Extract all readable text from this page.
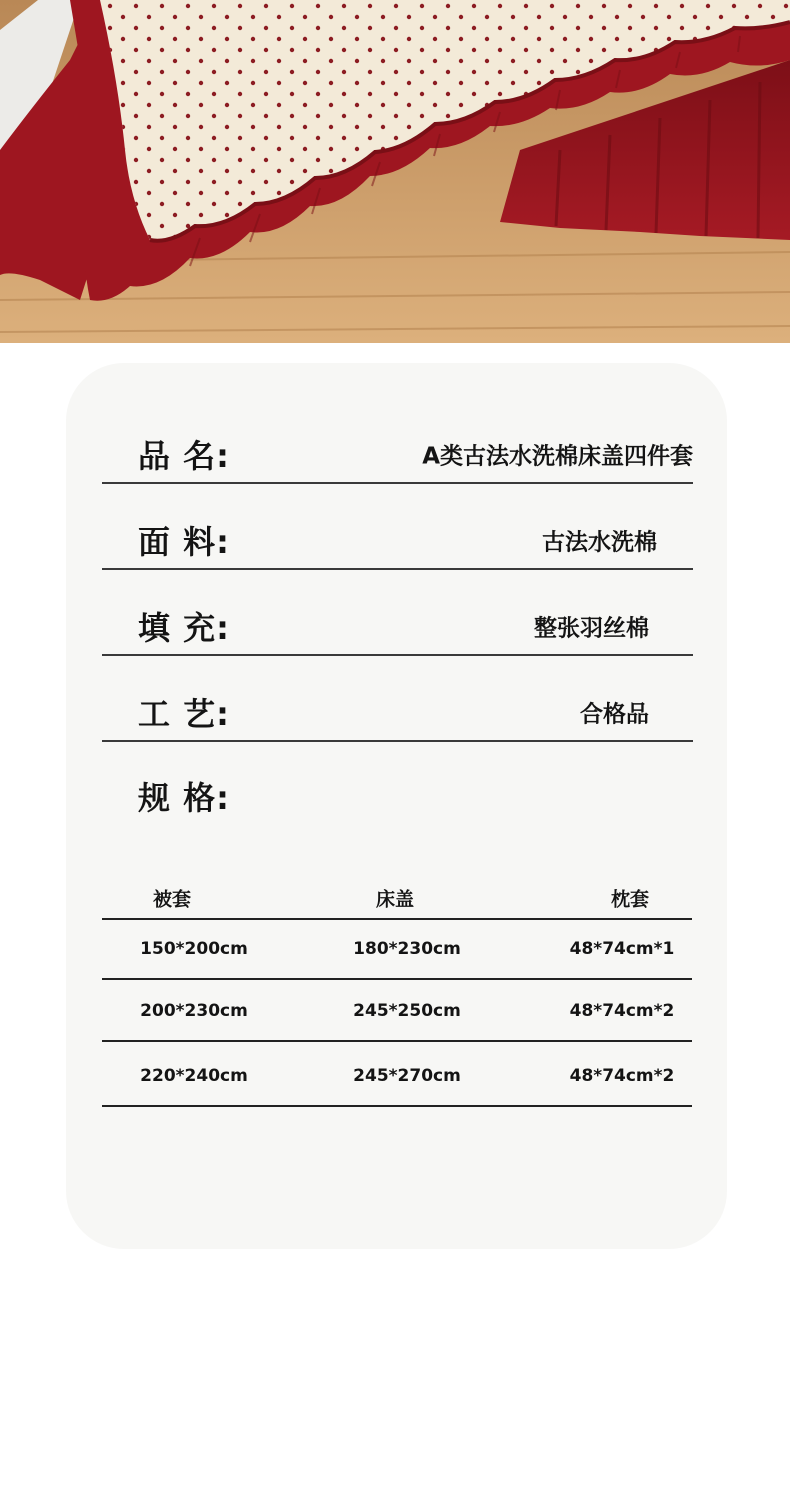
品 名:	A类古法水洗棉床盖四件套
面 料:	古法水洗棉
填 充:	整张羽丝棉
工 艺:	合格品
规 格:
被套	床盖	枕套
150*200cm	180*230cm	48*74cm*1
200*230cm	245*250cm	48*74cm*2
220*240cm	245*270cm	48*74cm*2
